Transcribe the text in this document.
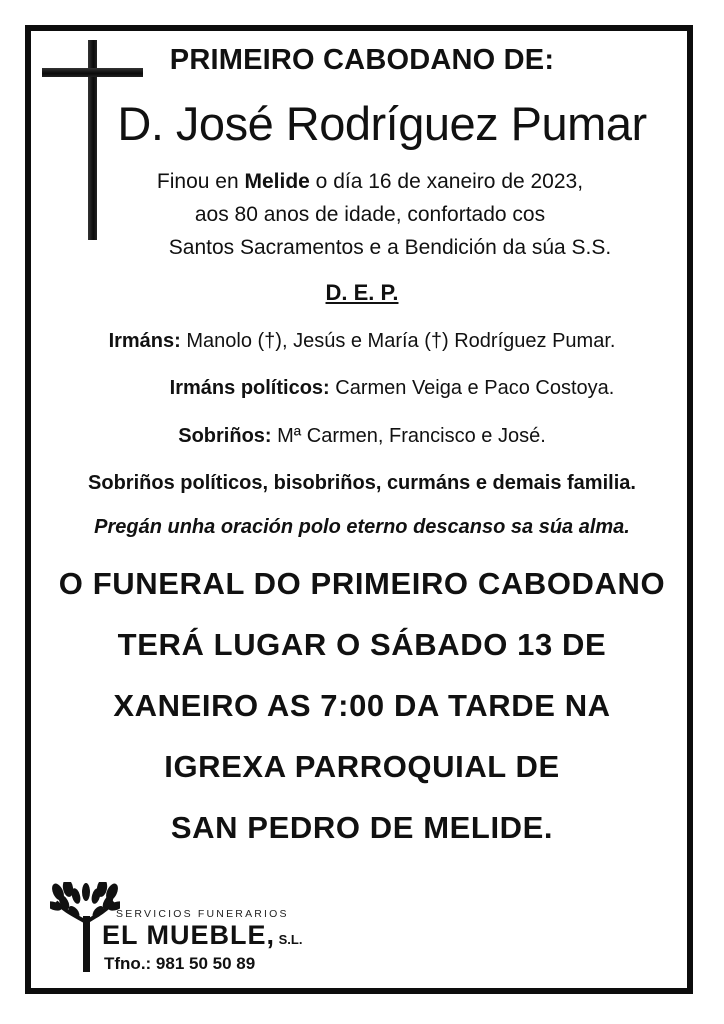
PRIMEIRO CABODANO DE:
D. José Rodríguez Pumar
Finou en Melide o día 16 de xaneiro de 2023,
aos 80 anos de idade, confortado cos
Santos Sacramentos e a Bendición da súa S.S.
D. E. P.
Irmáns: Manolo (†), Jesús e María (†) Rodríguez Pumar.
Irmáns políticos: Carmen Veiga e Paco Costoya.
Sobriños: Mª Carmen, Francisco e José.
Sobriños políticos, bisobriños, curmáns e demais familia.
Pregán unha oración polo eterno descanso sa súa alma.
O FUNERAL DO PRIMEIRO CABODANO
TERÁ LUGAR O SÁBADO 13 DE
XANEIRO AS 7:00 DA TARDE NA
IGREXA PARROQUIAL DE
SAN PEDRO DE MELIDE.
SERVICIOS FUNERARIOS
EL MUEBLE, S.L.
Tfno.: 981 50 50 89
